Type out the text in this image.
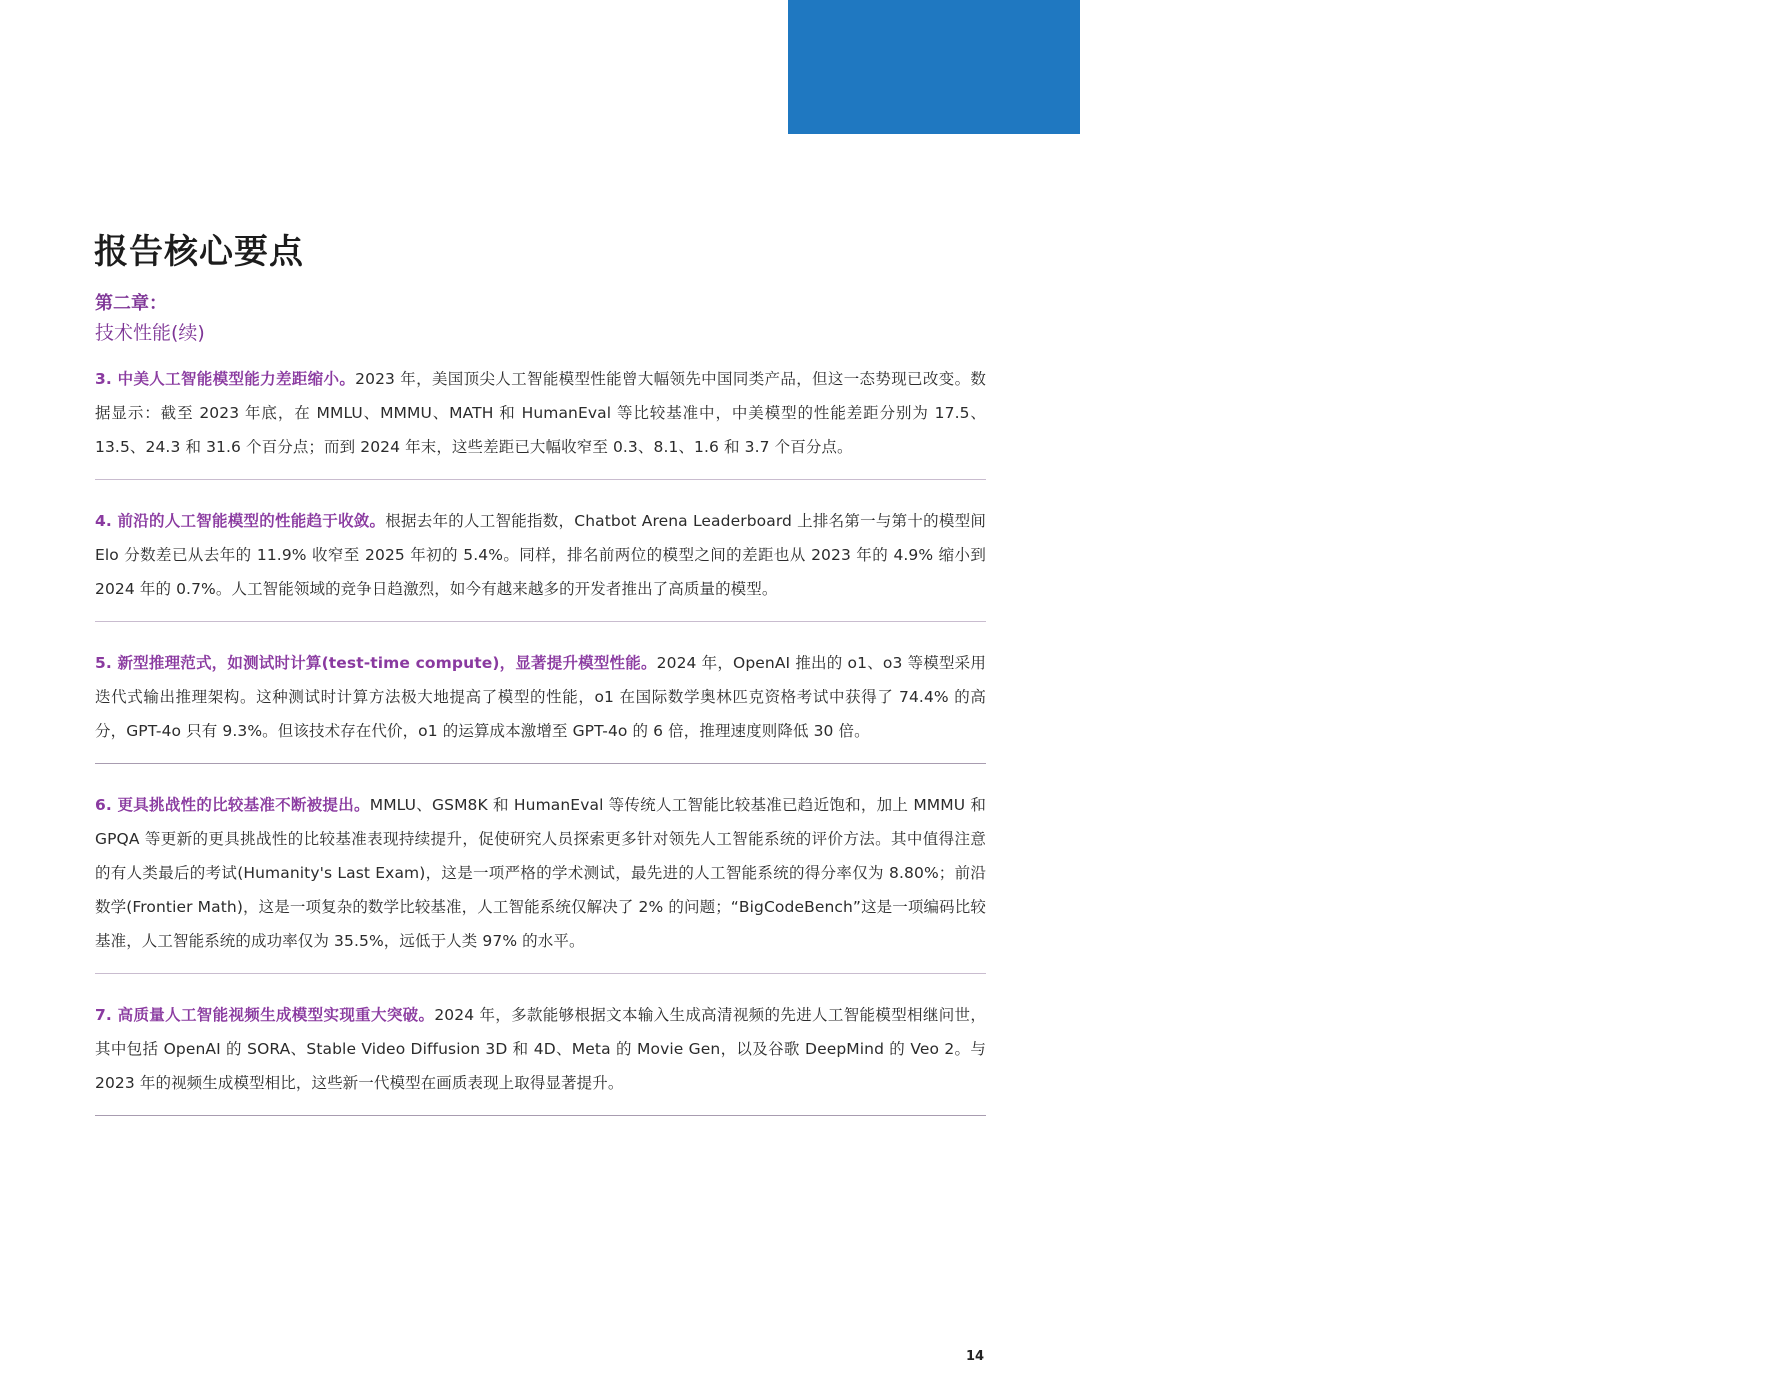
2025年人工智能
指数报告
报告核心要点
第二章：
技术性能(续)

3. 中美人工智能模型能力差距缩小。2023 年，美国顶尖人工智能模型性能曾大幅领先中国同类产品，但这一态势现已改变。数据显示：截至 2023 年底，在 MMLU、MMMU、MATH 和 HumanEval 等比较基准中，中美模型的性能差距分别为 17.5、13.5、24.3 和 31.6 个百分点；而到 2024 年末，这些差距已大幅收窄至 0.3、8.1、1.6 和 3.7 个百分点。

4. 前沿的人工智能模型的性能趋于收敛。根据去年的人工智能指数，Chatbot Arena Leaderboard 上排名第一与第十的模型间 Elo 分数差已从去年的 11.9% 收窄至 2025 年初的 5.4%。同样，排名前两位的模型之间的差距也从 2023 年的 4.9% 缩小到 2024 年的 0.7%。人工智能领域的竞争日趋激烈，如今有越来越多的开发者推出了高质量的模型。

5. 新型推理范式，如测试时计算(test-time compute)，显著提升模型性能。2024 年，OpenAI 推出的 o1、o3 等模型采用迭代式输出推理架构。这种测试时计算方法极大地提高了模型的性能，o1 在国际数学奥林匹克资格考试中获得了 74.4% 的高分，GPT-4o 只有 9.3%。但该技术存在代价，o1 的运算成本激增至 GPT-4o 的 6 倍，推理速度则降低 30 倍。

6. 更具挑战性的比较基准不断被提出。MMLU、GSM8K 和 HumanEval 等传统人工智能比较基准已趋近饱和，加上 MMMU 和 GPQA 等更新的更具挑战性的比较基准表现持续提升，促使研究人员探索更多针对领先人工智能系统的评价方法。其中值得注意的有人类最后的考试(Humanity's Last Exam)，这是一项严格的学术测试，最先进的人工智能系统的得分率仅为 8.80%；前沿数学(Frontier Math)，这是一项复杂的数学比较基准，人工智能系统仅解决了 2% 的问题；“BigCodeBench”这是一项编码比较基准，人工智能系统的成功率仅为 35.5%，远低于人类 97% 的水平。

7. 高质量人工智能视频生成模型实现重大突破。2024 年，多款能够根据文本输入生成高清视频的先进人工智能模型相继问世，其中包括 OpenAI 的 SORA、Stable Video Diffusion 3D 和 4D、Meta 的 Movie Gen，以及谷歌 DeepMind 的 Veo 2。与 2023 年的视频生成模型相比，这些新一代模型在画质表现上取得显著提升。

14
